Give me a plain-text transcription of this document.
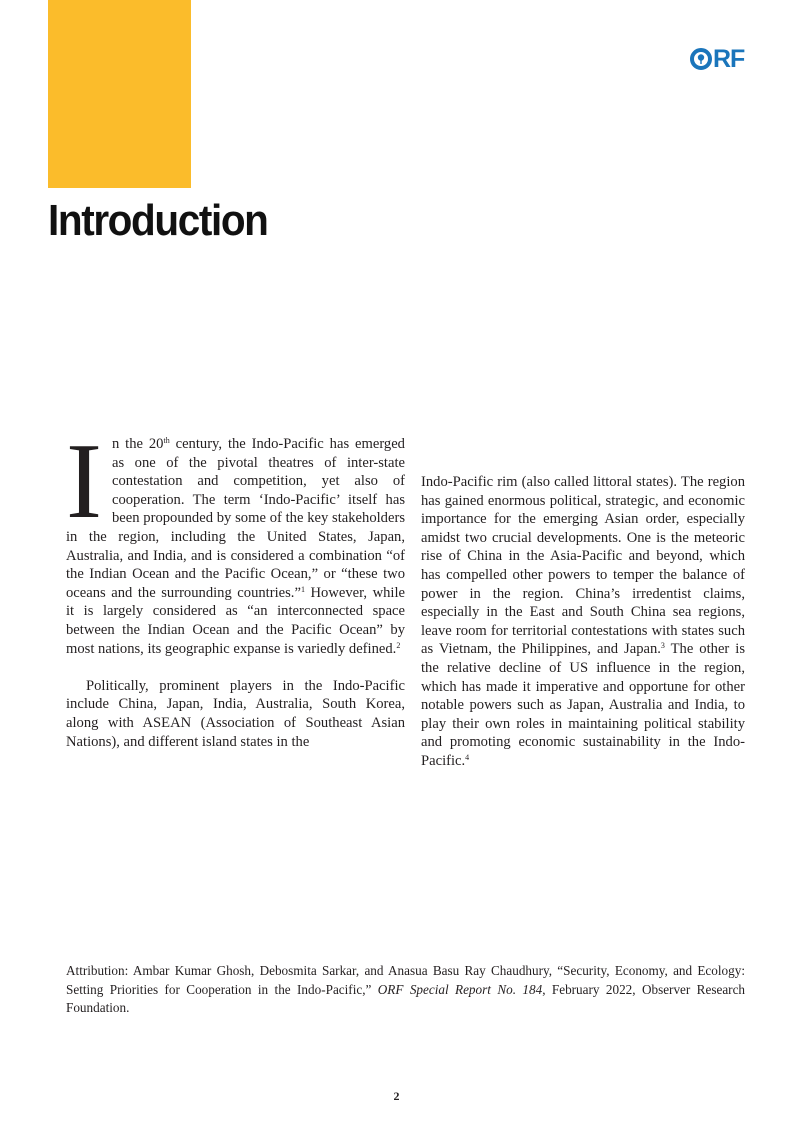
RF
Introduction

In the 20th century, the Indo-Pacific has emerged as one of the pivotal theatres of inter-state contestation and competition, yet also of cooperation. The term ‘Indo-Pacific’ itself has been propounded by some of the key stakeholders in the region, including the United States, Japan, Australia, and India, and is considered a combination “of the Indian Ocean and the Pacific Ocean,” or “these two oceans and the surrounding countries.”$^1$ However, while it is largely considered as “an interconnected space between the Indian Ocean and the Pacific Ocean” by most nations, its geographic expanse is variedly defined.$^2$

Politically, prominent players in the Indo-Pacific include China, Japan, India, Australia, South Korea, along with ASEAN (Association of Southeast Asian Nations), and different island states in the

Indo-Pacific rim (also called littoral states). The region has gained enormous political, strategic, and economic importance for the emerging Asian order, especially amidst two crucial developments. One is the meteoric rise of China in the Asia-Pacific and beyond, which has compelled other powers to temper the balance of power in the region. China’s irredentist claims, especially in the East and South China sea regions, leave room for territorial contestations with states such as Vietnam, the Philippines, and Japan.$^3$ The other is the relative decline of US influence in the region, which has made it imperative and opportune for other notable powers such as Japan, Australia and India, to play their own roles in maintaining political stability and promoting economic sustainability in the Indo-Pacific.$^4$

Attribution: Ambar Kumar Ghosh, Debosmita Sarkar, and Anasua Basu Ray Chaudhury, “Security, Economy, and Ecology: Setting Priorities for Cooperation in the Indo-Pacific,” ORF Special Report No. 184, February 2022, Observer Research Foundation.
2
